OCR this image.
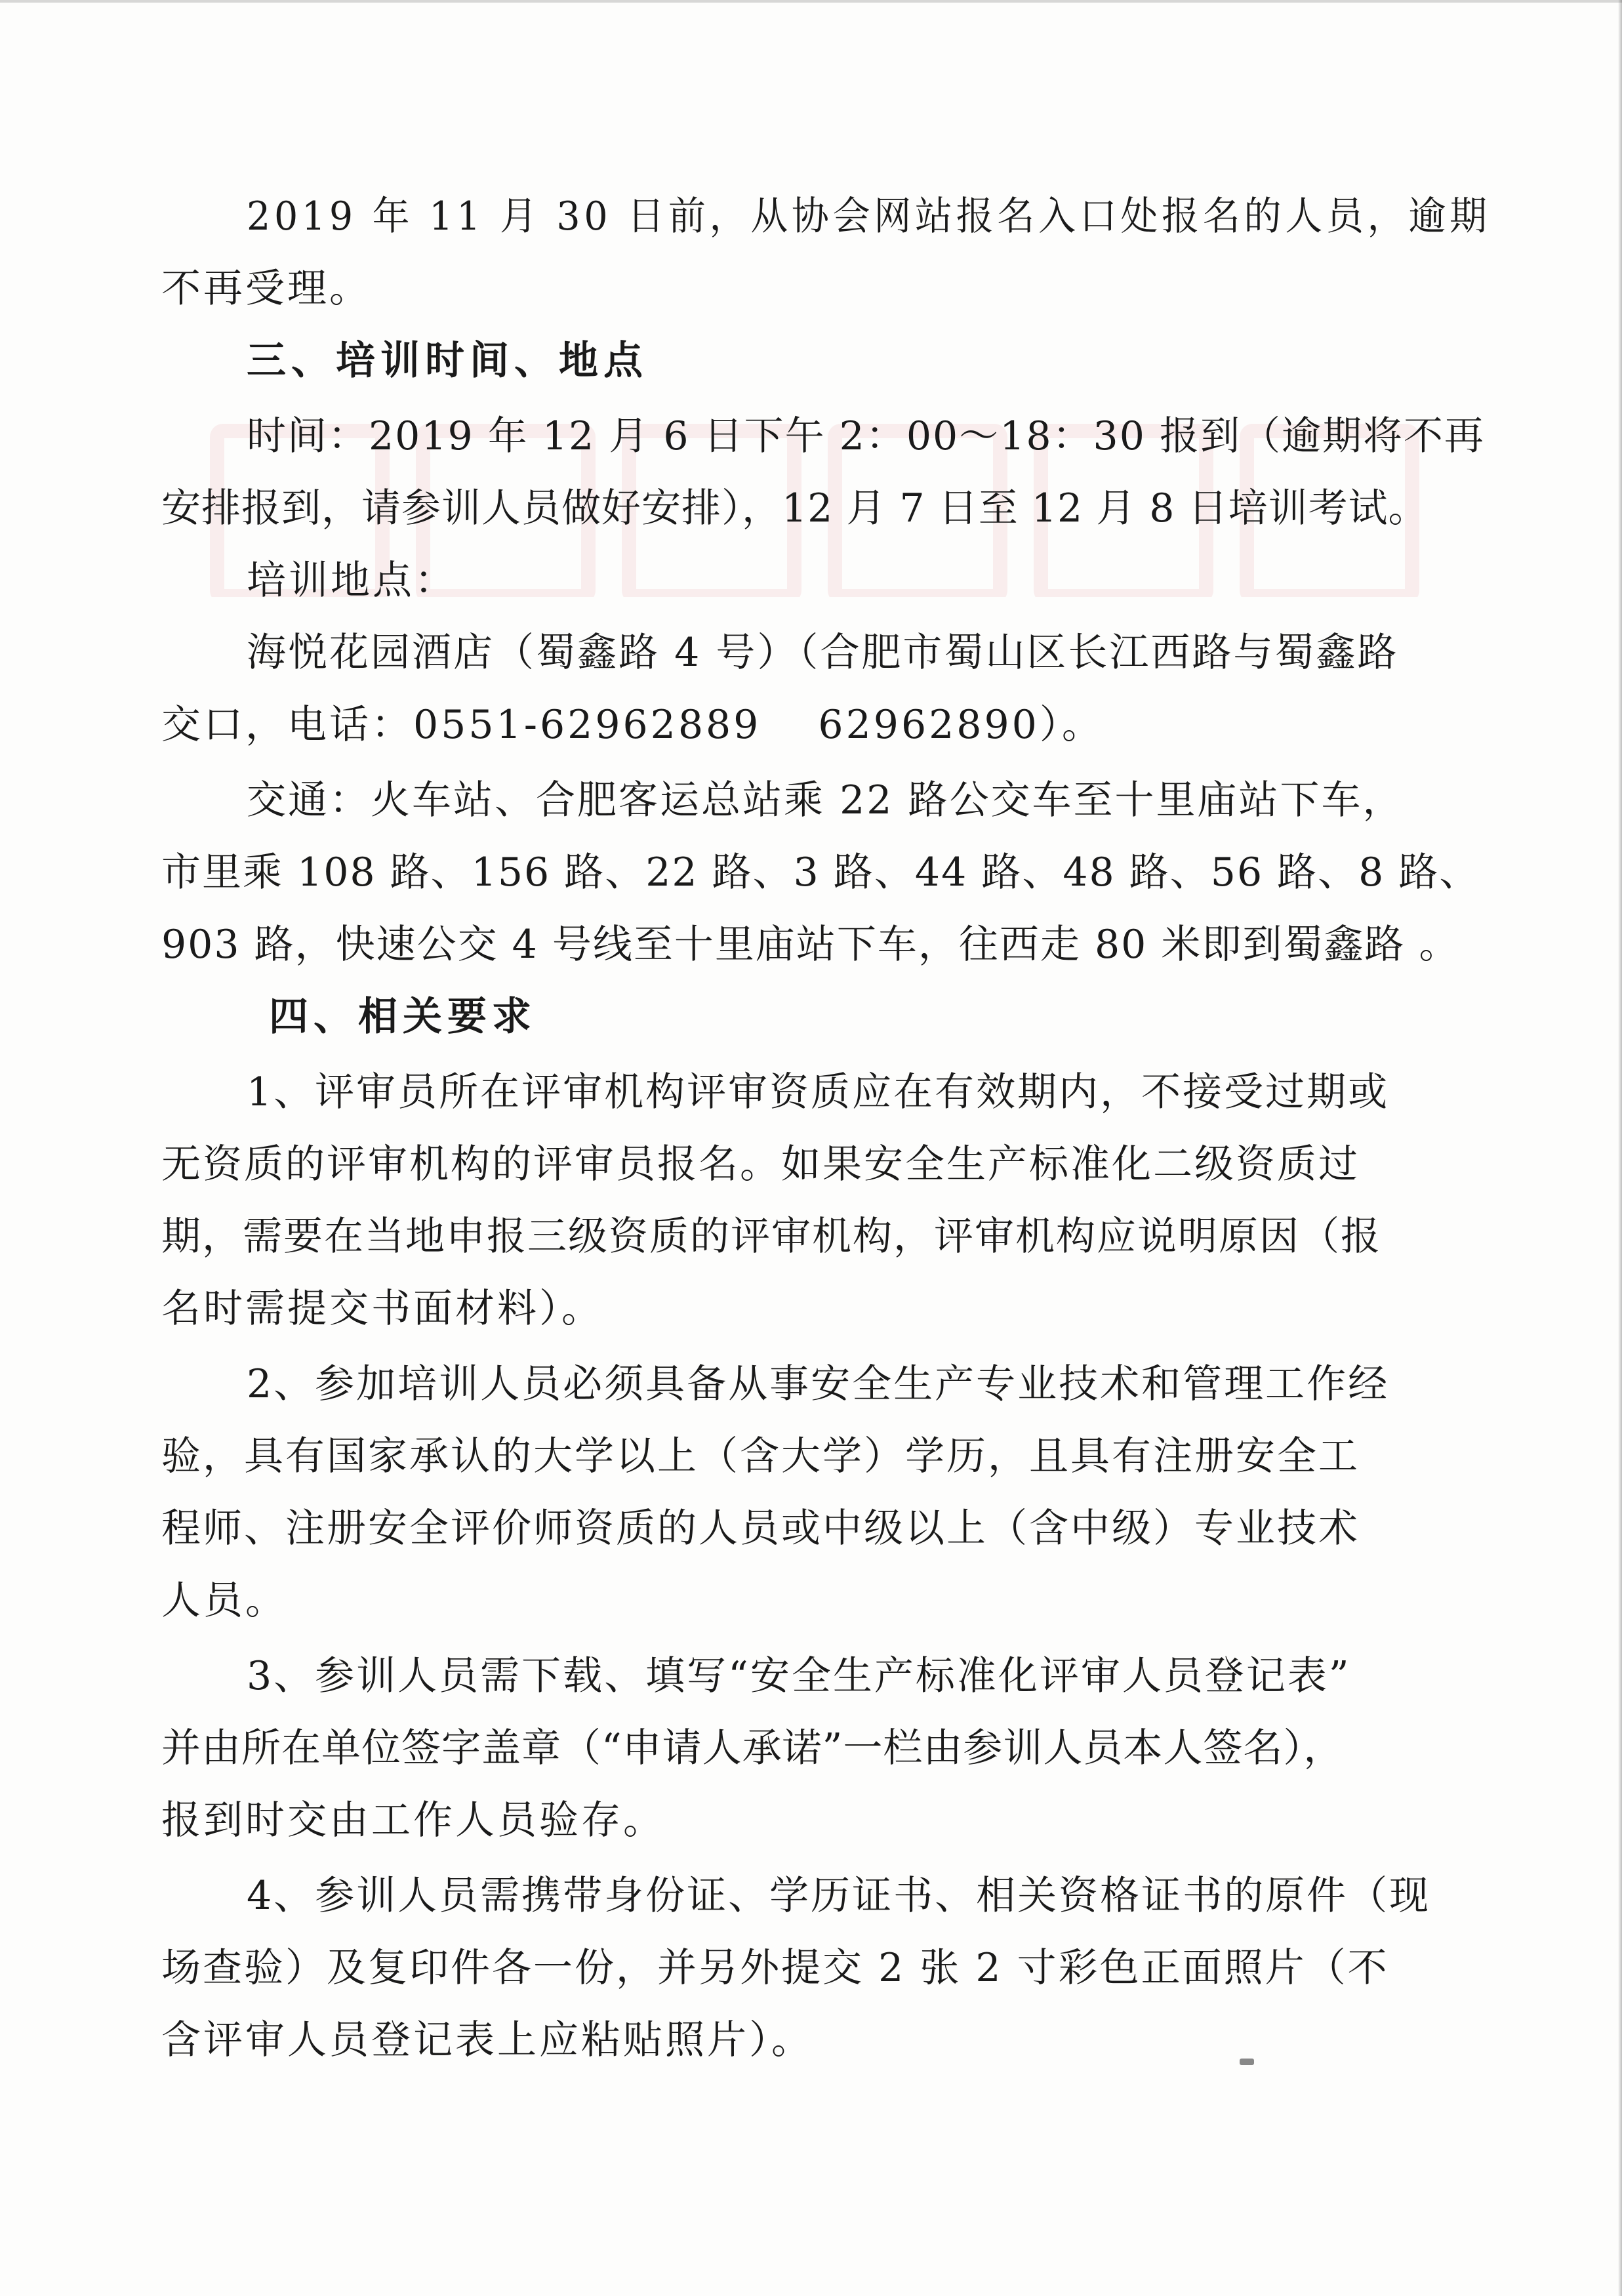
2019 年 11 月 30 日前，从协会网站报名入口处报名的人员，逾期
不再受理。
三、培训时间、地点
时间：2019 年 12 月 6 日下午 2：00～18：30 报到（逾期将不再
安排报到，请参训人员做好安排），12 月 7 日至 12 月 8 日培训考试。
培训地点：
海悦花园酒店（蜀鑫路 4 号）（合肥市蜀山区长江西路与蜀鑫路
交口，电话：0551-62962889　 62962890）。
交通：火车站、合肥客运总站乘 22 路公交车至十里庙站下车，
市里乘 108 路、156 路、22 路、3 路、44 路、48 路、56 路、8 路、
903 路，快速公交 4 号线至十里庙站下车，往西走 80 米即到蜀鑫路 。
四、相关要求
1、评审员所在评审机构评审资质应在有效期内，不接受过期或
无资质的评审机构的评审员报名。如果安全生产标准化二级资质过
期，需要在当地申报三级资质的评审机构，评审机构应说明原因（报
名时需提交书面材料）。
2、参加培训人员必须具备从事安全生产专业技术和管理工作经
验，具有国家承认的大学以上（含大学）学历，且具有注册安全工
程师、注册安全评价师资质的人员或中级以上（含中级）专业技术
人员。
3、参训人员需下载、填写“安全生产标准化评审人员登记表”
并由所在单位签字盖章（“申请人承诺”一栏由参训人员本人签名），
报到时交由工作人员验存。
4、参训人员需携带身份证、学历证书、相关资格证书的原件（现
场查验）及复印件各一份，并另外提交 2 张 2 寸彩色正面照片（不
含评审人员登记表上应粘贴照片）。
